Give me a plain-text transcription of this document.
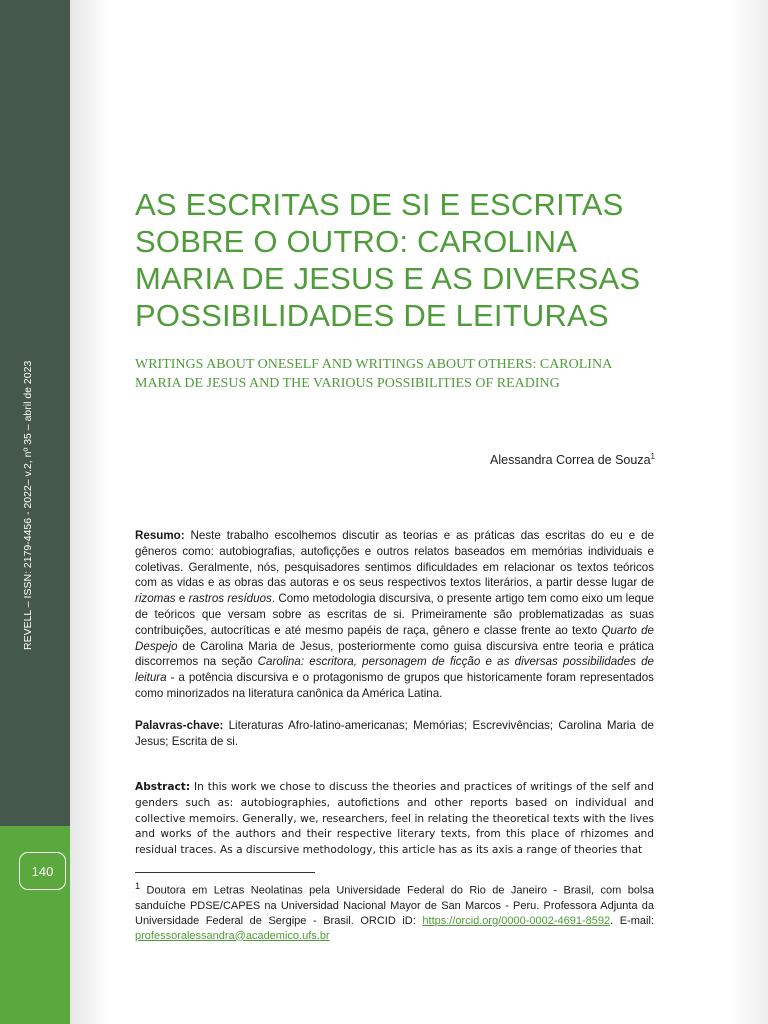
REVELL – ISSN: 2179-4456 - 2022– v.2, nº 35 – abril de 2023
140
AS ESCRITAS DE SI E ESCRITAS SOBRE O OUTRO: CAROLINA MARIA DE JESUS E AS DIVERSAS POSSIBILIDADES DE LEITURAS

WRITINGS ABOUT ONESELF AND WRITINGS ABOUT OTHERS: CAROLINA MARIA DE JESUS AND THE VARIOUS POSSIBILITIES OF READING

Alessandra Correa de Souza$^1$

Resumo: Neste trabalho escolhemos discutir as teorias e as práticas das escritas do eu e de gêneros como: autobiografias, autofic̦ções e outros relatos baseados em memórias individuais e coletivas. Geralmente, nós, pesquisadores sentimos dificuldades em relacionar os textos teóricos com as vidas e as obras das autoras e os seus respectivos textos literários, a partir desse lugar de rizomas e rastros resíduos. Como metodologia discursiva, o presente artigo tem como eixo um leque de teóricos que versam sobre as escritas de si. Primeiramente são problematizadas as suas contribuições, autocríticas e até mesmo papéis de raça, gênero e classe frente ao texto Quarto de Despejo de Carolina Maria de Jesus, posteriormente como guisa discursiva entre teoria e prática discorremos na seção Carolina: escritora, personagem de ficção e as diversas possibilidades de leitura - a potência discursiva e o protagonismo de grupos que historicamente foram representados como minorizados na literatura canônica da América Latina.

Palavras-chave: Literaturas Afro-latino-americanas; Memórias; Escrevivências; Carolina Maria de Jesus; Escrita de si.

Abstract: In this work we chose to discuss the theories and practices of writings of the self and genders such as: autobiographies, autofictions and other reports based on individual and collective memoirs. Generally, we, researchers, feel in relating the theoretical texts with the lives and works of the authors and their respective literary texts, from this place of rhizomes and residual traces. As a discursive methodology, this article has as its axis a range of theories that

$^1$ Doutora em Letras Neolatinas pela Universidade Federal do Rio de Janeiro - Brasil, com bolsa sanduíche PDSE/CAPES na Universidad Nacional Mayor de San Marcos - Peru. Professora Adjunta da Universidade Federal de Sergipe - Brasil. ORCID iD: https://orcid.org/0000-0002-4691-8592. E-mail: professoralessandra@academico.ufs.br
